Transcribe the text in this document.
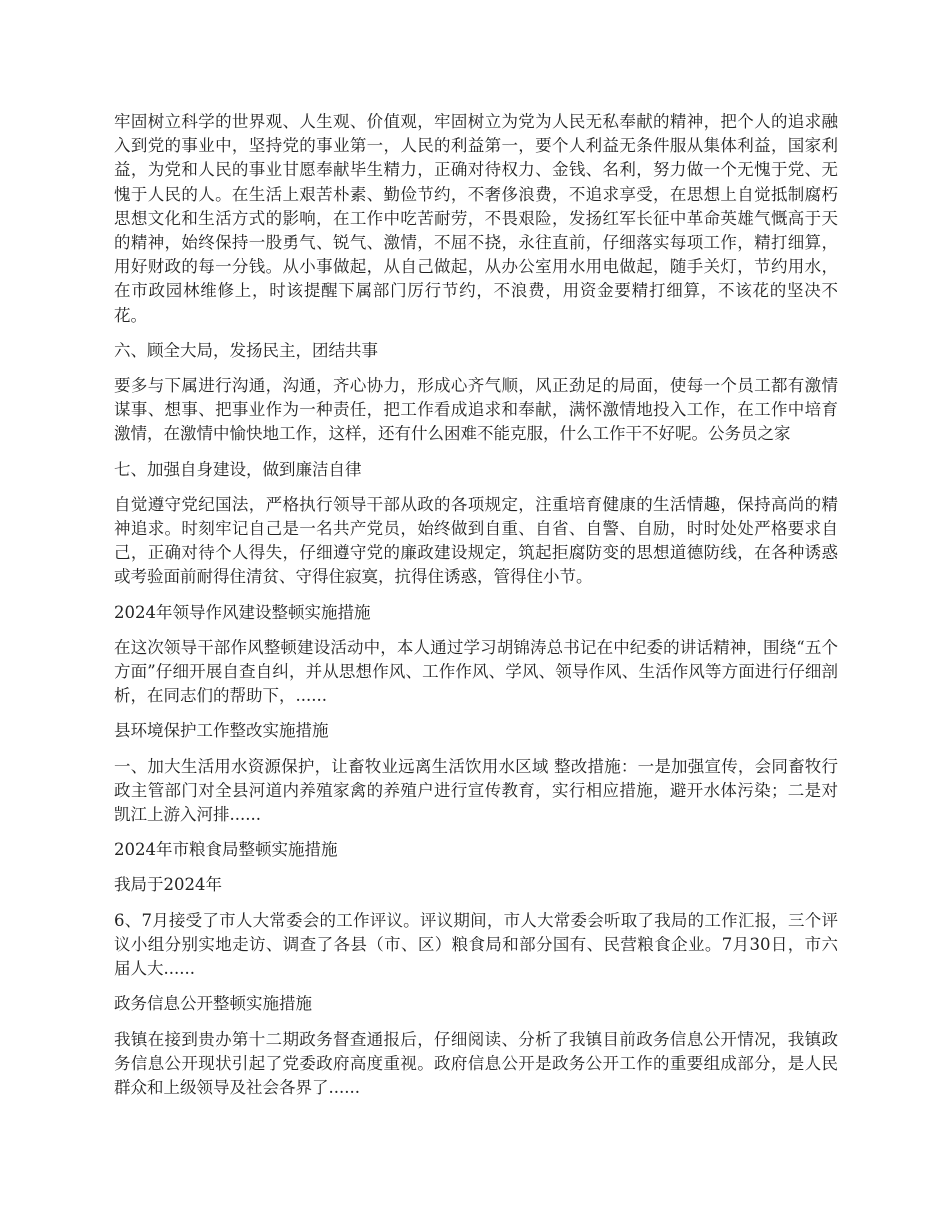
牢固树立科学的世界观、人生观、价值观，牢固树立为党为人民无私奉献的精神，把个人的追求融入到党的事业中，坚持党的事业第一，人民的利益第一，要个人利益无条件服从集体利益，国家利益，为党和人民的事业甘愿奉献毕生精力，正确对待权力、金钱、名利，努力做一个无愧于党、无愧于人民的人。在生活上艰苦朴素、勤俭节约，不奢侈浪费，不追求享受，在思想上自觉抵制腐朽思想文化和生活方式的影响，在工作中吃苦耐劳，不畏艰险，发扬红军长征中革命英雄气慨高于天的精神，始终保持一股勇气、锐气、激情，不屈不挠，永往直前，仔细落实每项工作，精打细算，用好财政的每一分钱。从小事做起，从自己做起，从办公室用水用电做起，随手关灯，节约用水，在市政园林维修上，时该提醒下属部门厉行节约，不浪费，用资金要精打细算，不该花的坚决不花。

六、顾全大局，发扬民主，团结共事

要多与下属进行沟通，沟通，齐心协力，形成心齐气顺，风正劲足的局面，使每一个员工都有激情谋事、想事、把事业作为一种责任，把工作看成追求和奉献，满怀激情地投入工作，在工作中培育激情，在激情中愉快地工作，这样，还有什么困难不能克服，什么工作干不好呢。公务员之家

七、加强自身建设，做到廉洁自律

自觉遵守党纪国法，严格执行领导干部从政的各项规定，注重培育健康的生活情趣，保持高尚的精神追求。时刻牢记自己是一名共产党员，始终做到自重、自省、自警、自励，时时处处严格要求自己，正确对待个人得失，仔细遵守党的廉政建设规定，筑起拒腐防变的思想道德防线，在各种诱惑或考验面前耐得住清贫、守得住寂寞，抗得住诱惑，管得住小节。

2024年领导作风建设整顿实施措施

在这次领导干部作风整顿建设活动中，本人通过学习胡锦涛总书记在中纪委的讲话精神，围绕“五个方面”仔细开展自查自纠，并从思想作风、工作作风、学风、领导作风、生活作风等方面进行仔细剖析，在同志们的帮助下，......

县环境保护工作整改实施措施

一、加大生活用水资源保护，让畜牧业远离生活饮用水区域 整改措施：一是加强宣传，会同畜牧行政主管部门对全县河道内养殖家禽的养殖户进行宣传教育，实行相应措施，避开水体污染；二是对凯江上游入河排......

2024年市粮食局整顿实施措施

我局于2024年

6、7月接受了市人大常委会的工作评议。评议期间，市人大常委会听取了我局的工作汇报，三个评议小组分别实地走访、调查了各县（市、区）粮食局和部分国有、民营粮食企业。7月30日，市六届人大......

政务信息公开整顿实施措施

我镇在接到贵办第十二期政务督查通报后，仔细阅读、分析了我镇目前政务信息公开情况，我镇政务信息公开现状引起了党委政府高度重视。政府信息公开是政务公开工作的重要组成部分，是人民群众和上级领导及社会各界了......
